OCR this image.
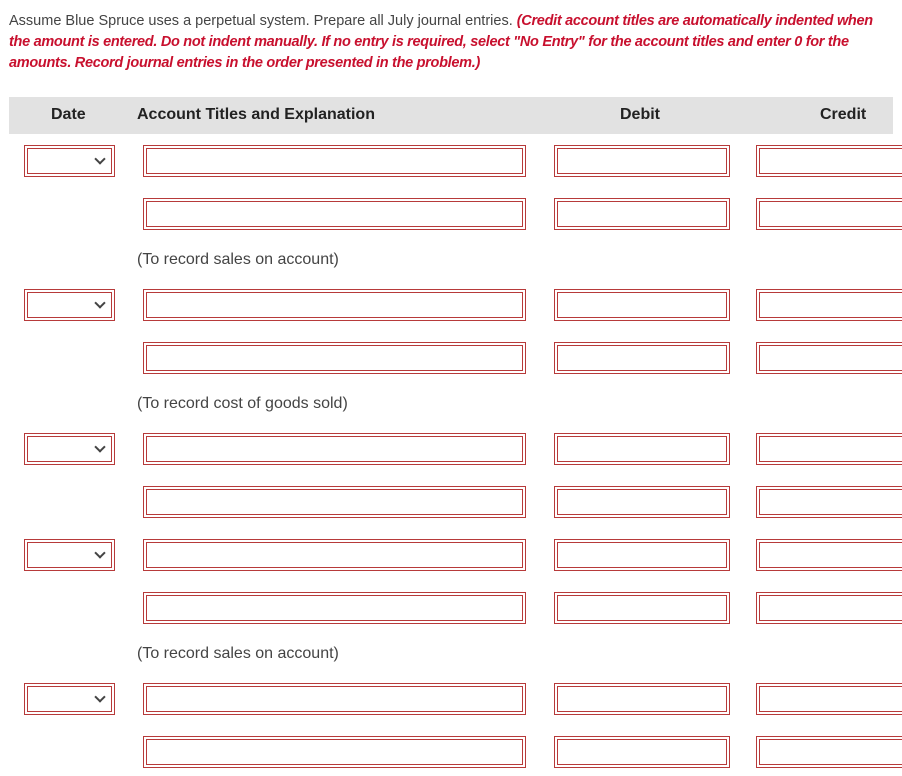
Assume Blue Spruce uses a perpetual system. Prepare all July journal entries. (Credit account titles are automatically indented when the amount is entered. Do not indent manually. If no entry is required, select "No Entry" for the account titles and enter 0 for the amounts. Record journal entries in the order presented in the problem.)
Date	Account Titles and Explanation	Debit	Credit
(To record sales on account)
(To record cost of goods sold)
(To record sales on account)
